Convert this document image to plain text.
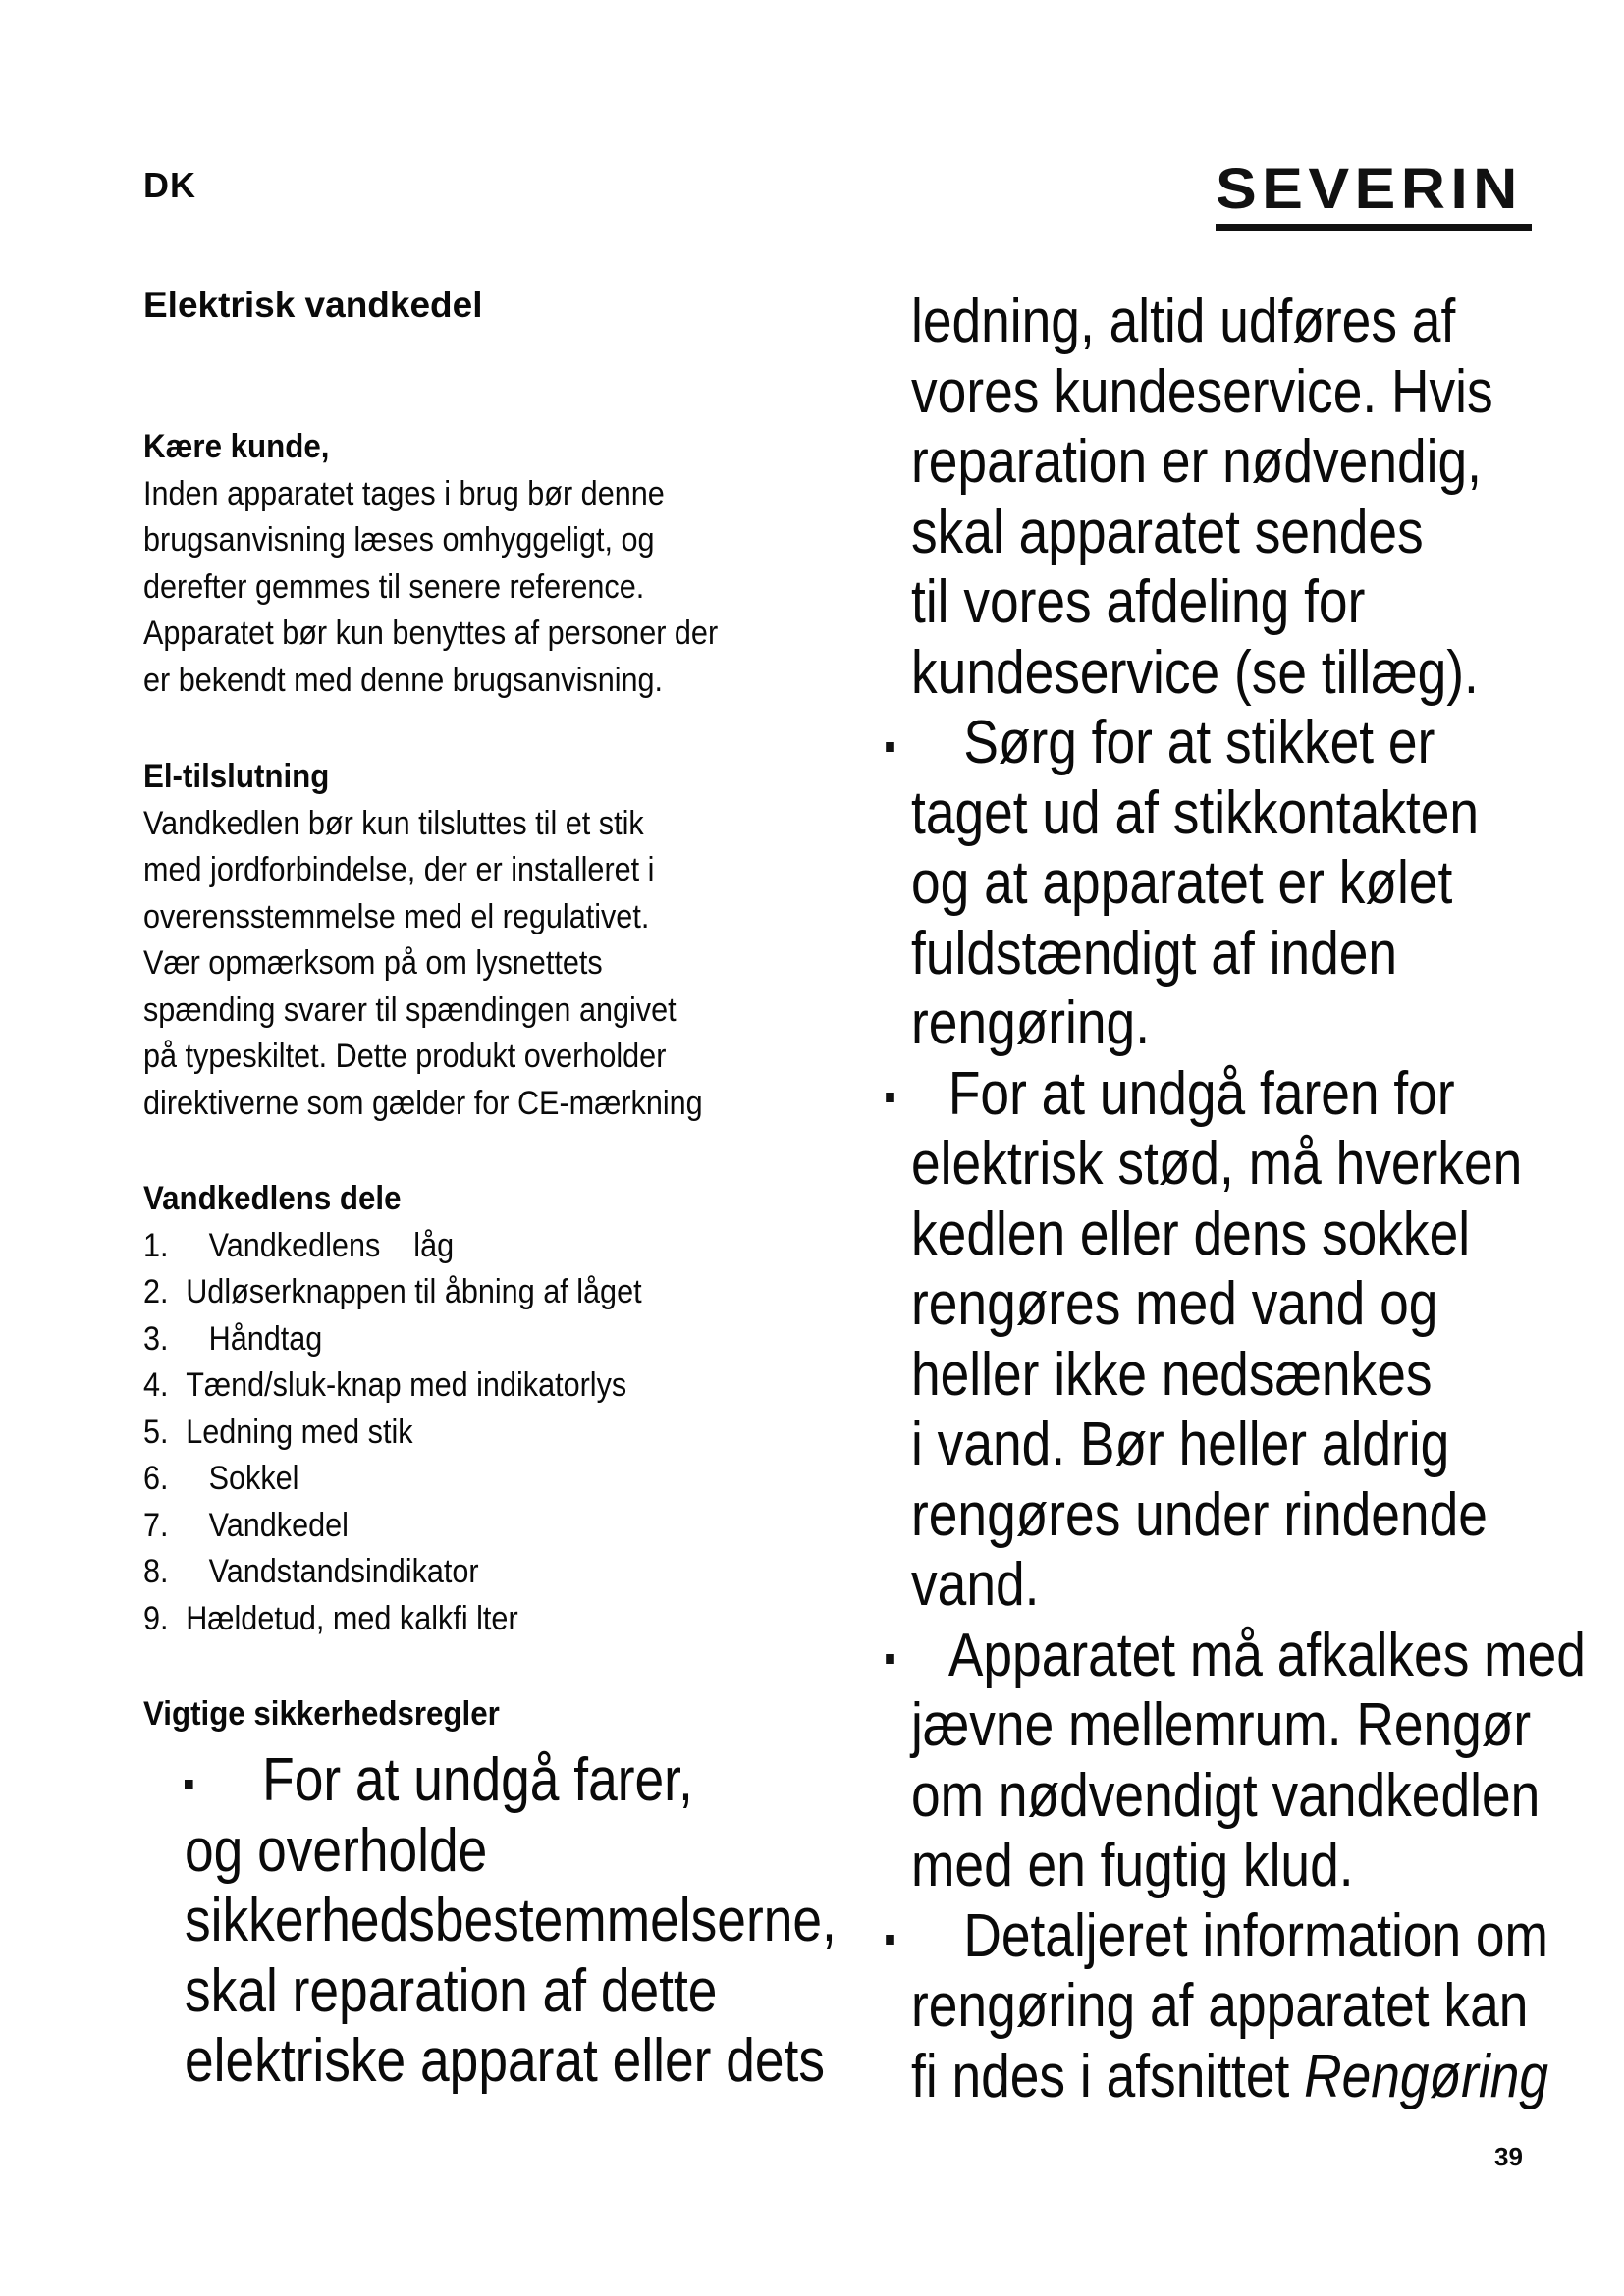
DK	SEVERIN
Elektrisk vandkedel
Kære kunde,
Inden apparatet tages i brug bør denne
brugsanvisning læses omhyggeligt, og
derefter gemmes til senere reference.
Apparatet bør kun benyttes af personer der
er bekendt med denne brugsanvisning.
El-tilslutning
Vandkedlen bør kun tilsluttes til et stik
med jordforbindelse, der er installeret i
overensstemmelse med el regulativet.
Vær opmærksom på om lysnettets
spænding svarer til spændingen angivet
på typeskiltet. Dette produkt overholder
direktiverne som gælder for CE-mærkning
Vandkedlens dele
1.	Vandkedlens    låg
2. Udløserknappen til åbning af låget
3.	Håndtag
4. Tænd/sluk-knap med indikatorlys
5. Ledning med stik
6.	Sokkel
7.	Vandkedel
8.	Vandstandsindikator
9. Hældetud, med kalkfi lter
Vigtige sikkerhedsregler
For at undgå farer,
og overholde
sikkerhedsbestemmelserne,
skal reparation af dette
elektriske apparat eller dets
ledning, altid udføres af
vores kundeservice. Hvis
reparation er nødvendig,
skal apparatet sendes
til vores afdeling for
kundeservice (se tillæg).
Sørg for at stikket er
taget ud af stikkontakten
og at apparatet er kølet
fuldstændigt af inden
rengøring.
For at undgå faren for
elektrisk stød, må hverken
kedlen eller dens sokkel
rengøres med vand og
heller ikke nedsænkes
i vand. Bør heller aldrig
rengøres under rindende
vand.
Apparatet må afkalkes med
jævne mellemrum. Rengør
om nødvendigt vandkedlen
med en fugtig klud.
Detaljeret information om
rengøring af apparatet kan
fi ndes i afsnittet Rengøring
39
